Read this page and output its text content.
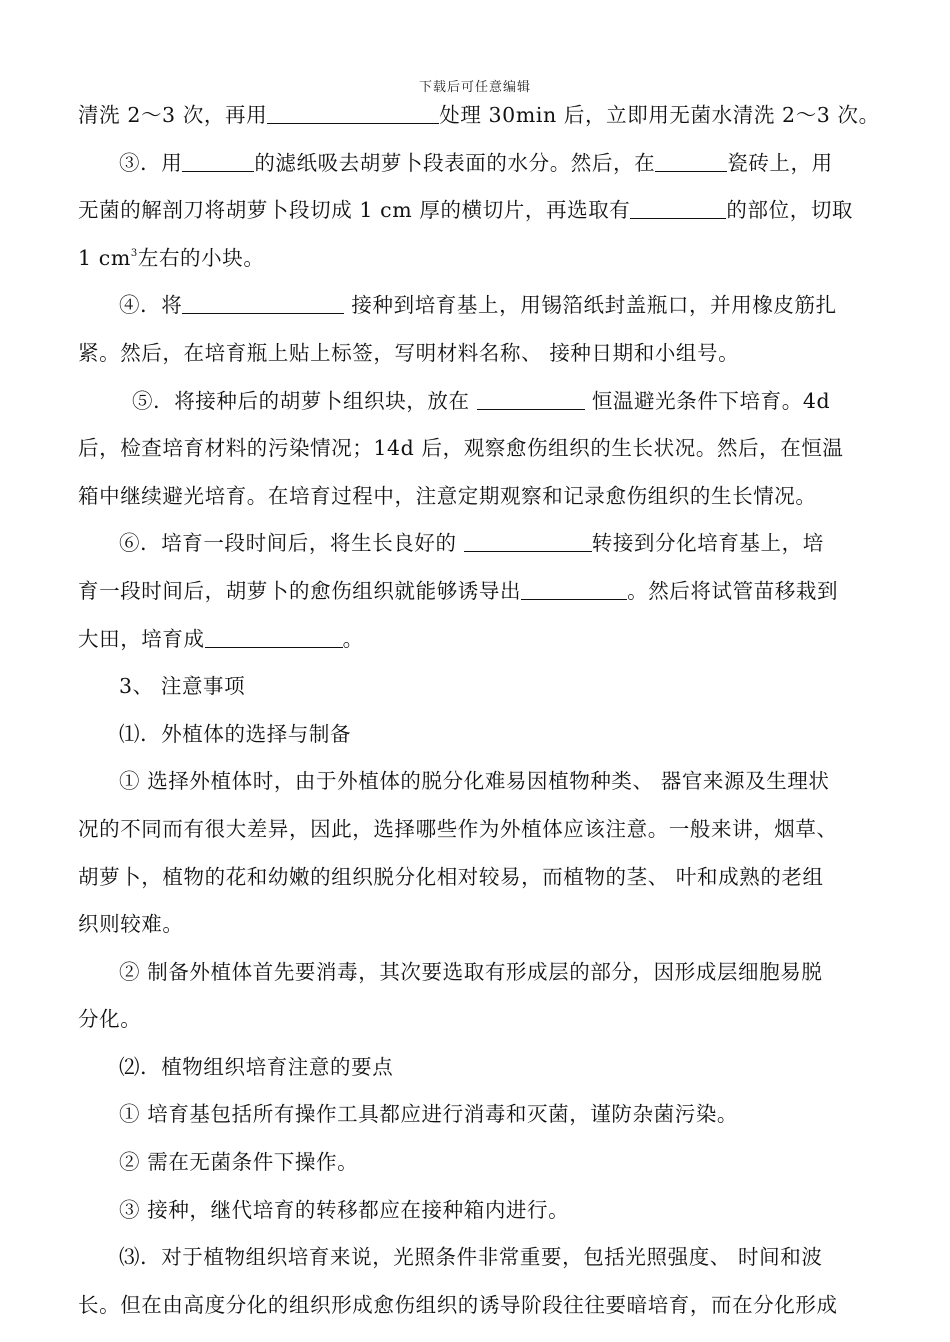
下载后可任意编辑
清洗 2～3 次，再用	处理 30min 后，立即用无菌水清洗 2～3 次。
③．用	的滤纸吸去胡萝卜段表面的水分。然后，在	瓷砖上，用
无菌的解剖刀将胡萝卜段切成 1 cm 厚的横切片，再选取有	的部位，切取
1 $cm^3$左右的小块。
④．将	接种到培育基上，用锡箔纸封盖瓶口，并用橡皮筋扎
紧。然后，在培育瓶上贴上标签，写明材料名称、 接种日期和小组号。
⑤．将接种后的胡萝卜组织块，放在	恒温避光条件下培育。4d
后，检查培育材料的污染情况；14d 后，观察愈伤组织的生长状况。然后，在恒温
箱中继续避光培育。在培育过程中，注意定期观察和记录愈伤组织的生长情况。
⑥．培育一段时间后，将生长良好的	转接到分化培育基上，培
育一段时间后，胡萝卜的愈伤组织就能够诱导出	。然后将试管苗移栽到
大田，培育成	。
3、 注意事项
⑴．外植体的选择与制备
① 选择外植体时，由于外植体的脱分化难易因植物种类、 器官来源及生理状
况的不同而有很大差异，因此，选择哪些作为外植体应该注意。一般来讲，烟草、
胡萝卜，植物的花和幼嫩的组织脱分化相对较易，而植物的茎、 叶和成熟的老组
织则较难。
② 制备外植体首先要消毒，其次要选取有形成层的部分，因形成层细胞易脱
分化。
⑵．植物组织培育注意的要点
① 培育基包括所有操作工具都应进行消毒和灭菌，谨防杂菌污染。
② 需在无菌条件下操作。
③ 接种，继代培育的转移都应在接种箱内进行。
⑶．对于植物组织培育来说，光照条件非常重要，包括光照强度、 时间和波
长。但在由高度分化的组织形成愈伤组织的诱导阶段往往要暗培育，而在分化形成
